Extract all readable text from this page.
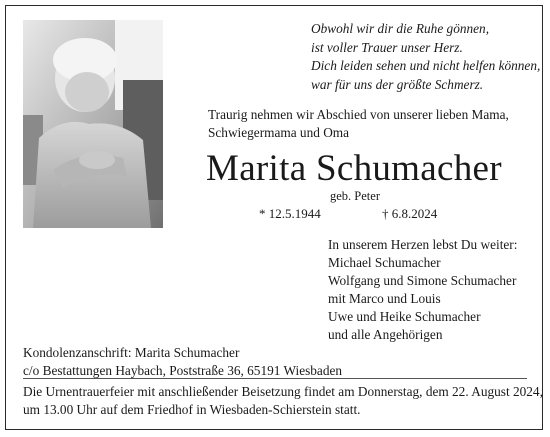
Obwohl wir dir die Ruhe gönnen,
ist voller Trauer unser Herz.
Dich leiden sehen und nicht helfen können,
war für uns der größte Schmerz.
Traurig nehmen wir Abschied von unserer lieben Mama,
Schwiegermama und Oma
Marita Schumacher
geb. Peter
* 12.5.1944	† 6.8.2024
In unserem Herzen lebst Du weiter:
Michael Schumacher
Wolfgang und Simone Schumacher
mit Marco und Louis
Uwe und Heike Schumacher
und alle Angehörigen
Kondolenzanschrift: Marita Schumacher
c/o Bestattungen Haybach, Poststraße 36, 65191 Wiesbaden
Die Urnentrauerfeier mit anschließender Beisetzung findet am Donnerstag, dem 22. August 2024,
um 13.00 Uhr auf dem Friedhof in Wiesbaden-Schierstein statt.
